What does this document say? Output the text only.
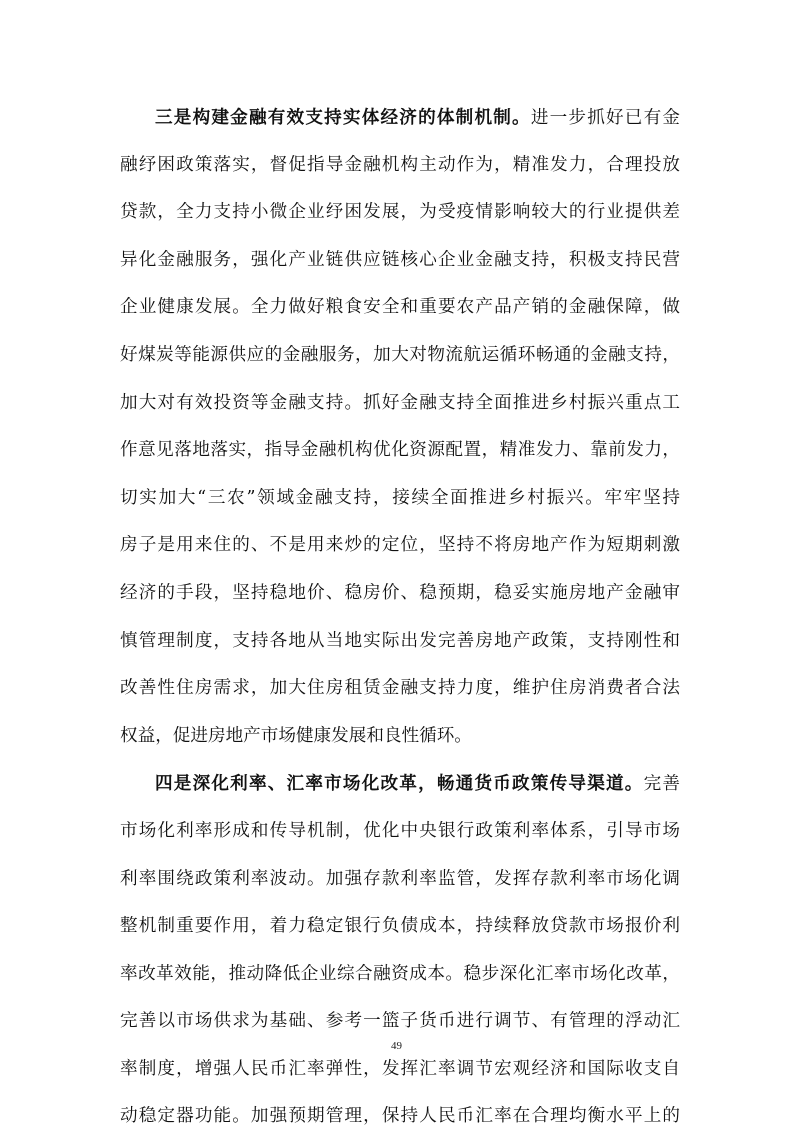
三是构建金融有效支持实体经济的体制机制。进一步抓好已有金
融纾困政策落实，督促指导金融机构主动作为，精准发力，合理投放
贷款，全力支持小微企业纾困发展，为受疫情影响较大的行业提供差
异化金融服务，强化产业链供应链核心企业金融支持，积极支持民营
企业健康发展。全力做好粮食安全和重要农产品产销的金融保障，做
好煤炭等能源供应的金融服务，加大对物流航运循环畅通的金融支持，
加大对有效投资等金融支持。抓好金融支持全面推进乡村振兴重点工
作意见落地落实，指导金融机构优化资源配置，精准发力、靠前发力，
切实加大“三农”领域金融支持，接续全面推进乡村振兴。牢牢坚持
房子是用来住的、不是用来炒的定位，坚持不将房地产作为短期刺激
经济的手段，坚持稳地价、稳房价、稳预期，稳妥实施房地产金融审
慎管理制度，支持各地从当地实际出发完善房地产政策，支持刚性和
改善性住房需求，加大住房租赁金融支持力度，维护住房消费者合法
权益，促进房地产市场健康发展和良性循环。
四是深化利率、汇率市场化改革，畅通货币政策传导渠道。完善
市场化利率形成和传导机制，优化中央银行政策利率体系，引导市场
利率围绕政策利率波动。加强存款利率监管，发挥存款利率市场化调
整机制重要作用，着力稳定银行负债成本，持续释放贷款市场报价利
率改革效能，推动降低企业综合融资成本。稳步深化汇率市场化改革，
完善以市场供求为基础、参考一篮子货币进行调节、有管理的浮动汇
率制度，增强人民币汇率弹性，发挥汇率调节宏观经济和国际收支自
动稳定器功能。加强预期管理，保持人民币汇率在合理均衡水平上的
49
